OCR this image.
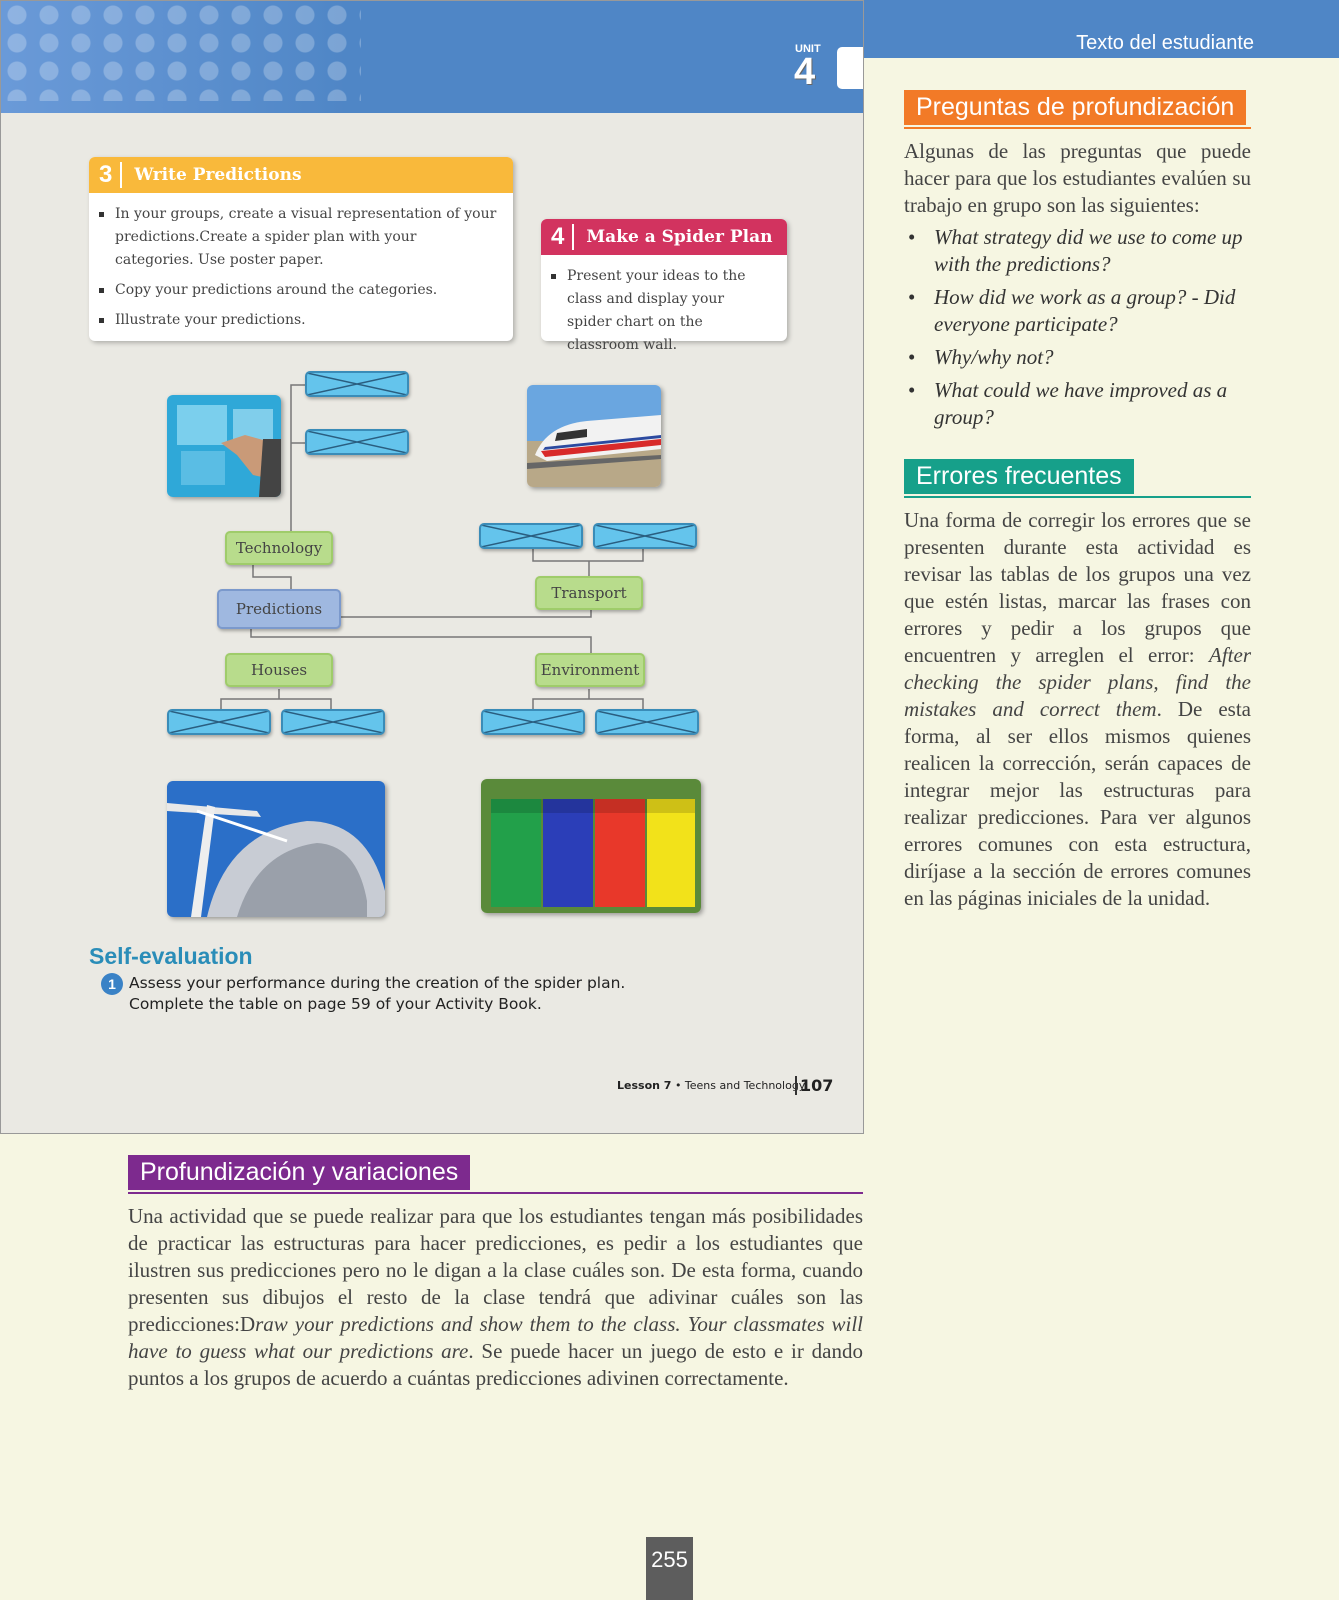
Texto del estudiante
UNIT
4
3	Write Predictions
In your groups, create a visual representation of your predictions.Create a spider plan with your categories. Use poster paper.
Copy your predictions around the categories.
Illustrate your predictions.
4	Make a Spider Plan
Present your ideas to the class and display your spider chart on the classroom wall.
Technology
Predictions
Transport
Houses	Environment
Self-evaluation
1 Assess your performance during the creation of the spider plan.
Complete the table on page 59 of your Activity Book.
Lesson 7 • Teens and Technology
107
Preguntas de profundización
Algunas de las preguntas que puede hacer para que los estudiantes evalúen su trabajo en grupo son las siguientes:
• What strategy did we use to come up with the predictions?
• How did we work as a group? - Did everyone participate?
• Why/why not?
• What could we have improved as a group?
Errores frecuentes
Una forma de corregir los errores que se presenten durante esta actividad es revisar las tablas de los grupos una vez que estén listas, marcar las frases con errores y pedir a los grupos que encuentren y arreglen el error: After checking the spider plans, find the mistakes and correct them. De esta forma, al ser ellos mismos quienes realicen la corrección, serán capaces de integrar mejor las estructuras para realizar predicciones. Para ver algunos errores comunes con esta estructura, diríjase a la sección de errores comunes en las páginas iniciales de la unidad.
Profundización y variaciones
Una actividad que se puede realizar para que los estudiantes tengan más posibilidades de practicar las estructuras para hacer predicciones, es pedir a los estudiantes que ilustren sus predicciones pero no le digan a la clase cuáles son. De esta forma, cuando presenten sus dibujos el resto de la clase tendrá que adivinar cuáles son las predicciones:Draw your predictions and show them to the class. Your classmates will have to guess what our predictions are. Se puede hacer un juego de esto e ir dando puntos a los grupos de acuerdo a cuántas predicciones adivinen correctamente.
255
